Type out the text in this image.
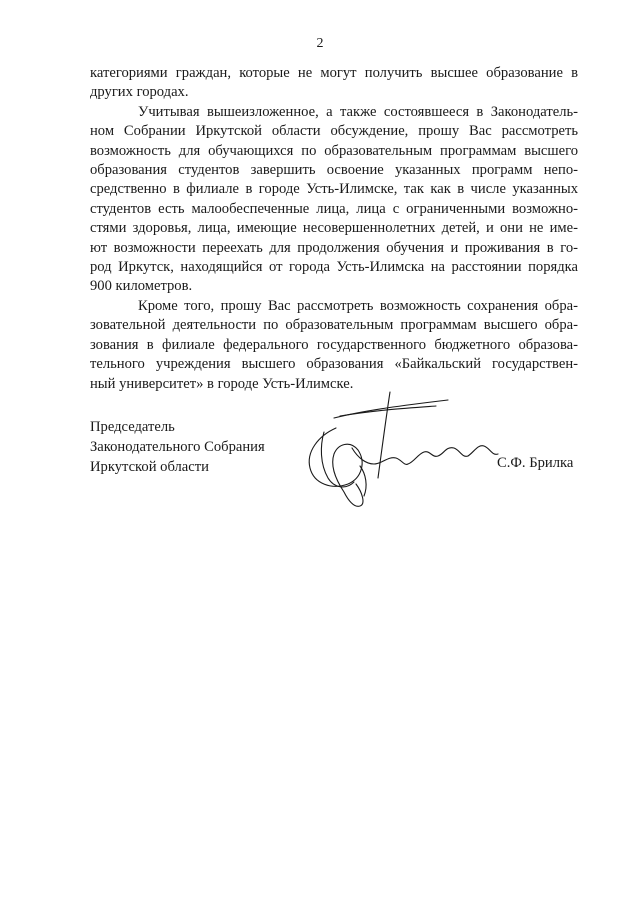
2
категориями граждан, которые не могут получить высшее образование в
других городах.
Учитывая вышеизложенное, а также состоявшееся в Законодатель-
ном Собрании Иркутской области обсуждение, прошу Вас рассмотреть
возможность для обучающихся по образовательным программам высшего
образования студентов завершить освоение указанных программ непо-
средственно в филиале в городе Усть-Илимске, так как в числе указанных
студентов есть малообеспеченные лица, лица с ограниченными возможно-
стями здоровья, лица, имеющие несовершеннолетних детей, и они не име-
ют возможности переехать для продолжения обучения и проживания в го-
род Иркутск, находящийся от города Усть-Илимска на расстоянии порядка
900 километров.
Кроме того, прошу Вас рассмотреть возможность сохранения обра-
зовательной деятельности по образовательным программам высшего обра-
зования в филиале федерального государственного бюджетного образова-
тельного учреждения высшего образования «Байкальский государствен-
ный университет» в городе Усть-Илимске.
Председатель
Законодательного Собрания
Иркутской области	С.Ф. Брилка
